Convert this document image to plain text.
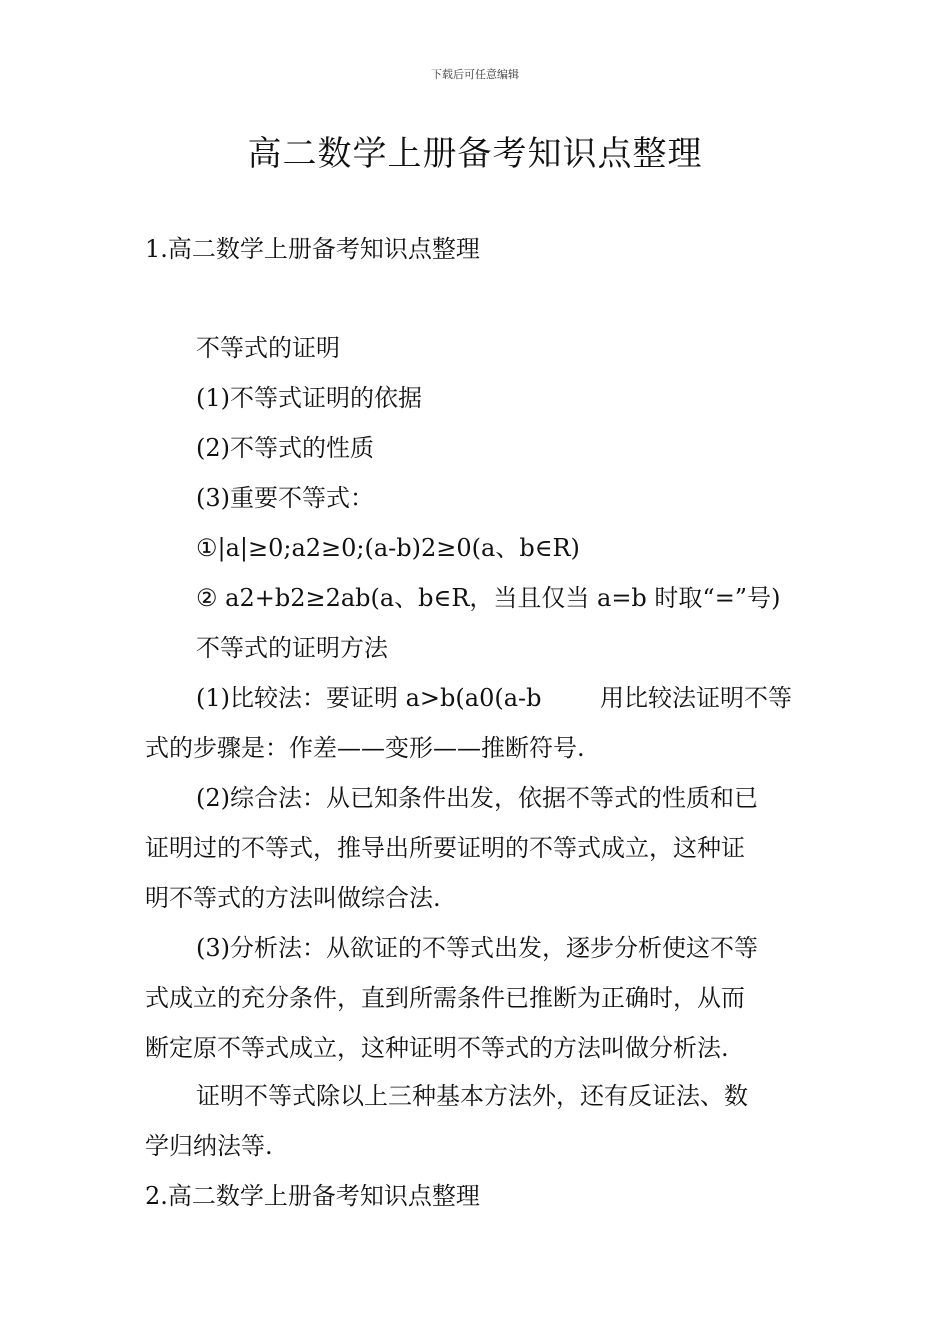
下载后可任意编辑
高二数学上册备考知识点整理
1.高二数学上册备考知识点整理
不等式的证明
(1)不等式证明的依据
(2)不等式的性质
(3)重要不等式：
①|a|≥0;a2≥0;(a-b)2≥0(a、b∈R)
② a2+b2≥2ab(a、b∈R，当且仅当 a=b 时取“=”号)
不等式的证明方法
(1)比较法：要证明 a>b(a0(a-b 用比较法证明不等
式的步骤是：作差——变形——推断符号.
(2)综合法：从已知条件出发，依据不等式的性质和已
证明过的不等式，推导出所要证明的不等式成立，这种证
明不等式的方法叫做综合法.
(3)分析法：从欲证的不等式出发，逐步分析使这不等
式成立的充分条件，直到所需条件已推断为正确时，从而
断定原不等式成立，这种证明不等式的方法叫做分析法.
证明不等式除以上三种基本方法外，还有反证法、数
学归纳法等.
2.高二数学上册备考知识点整理
